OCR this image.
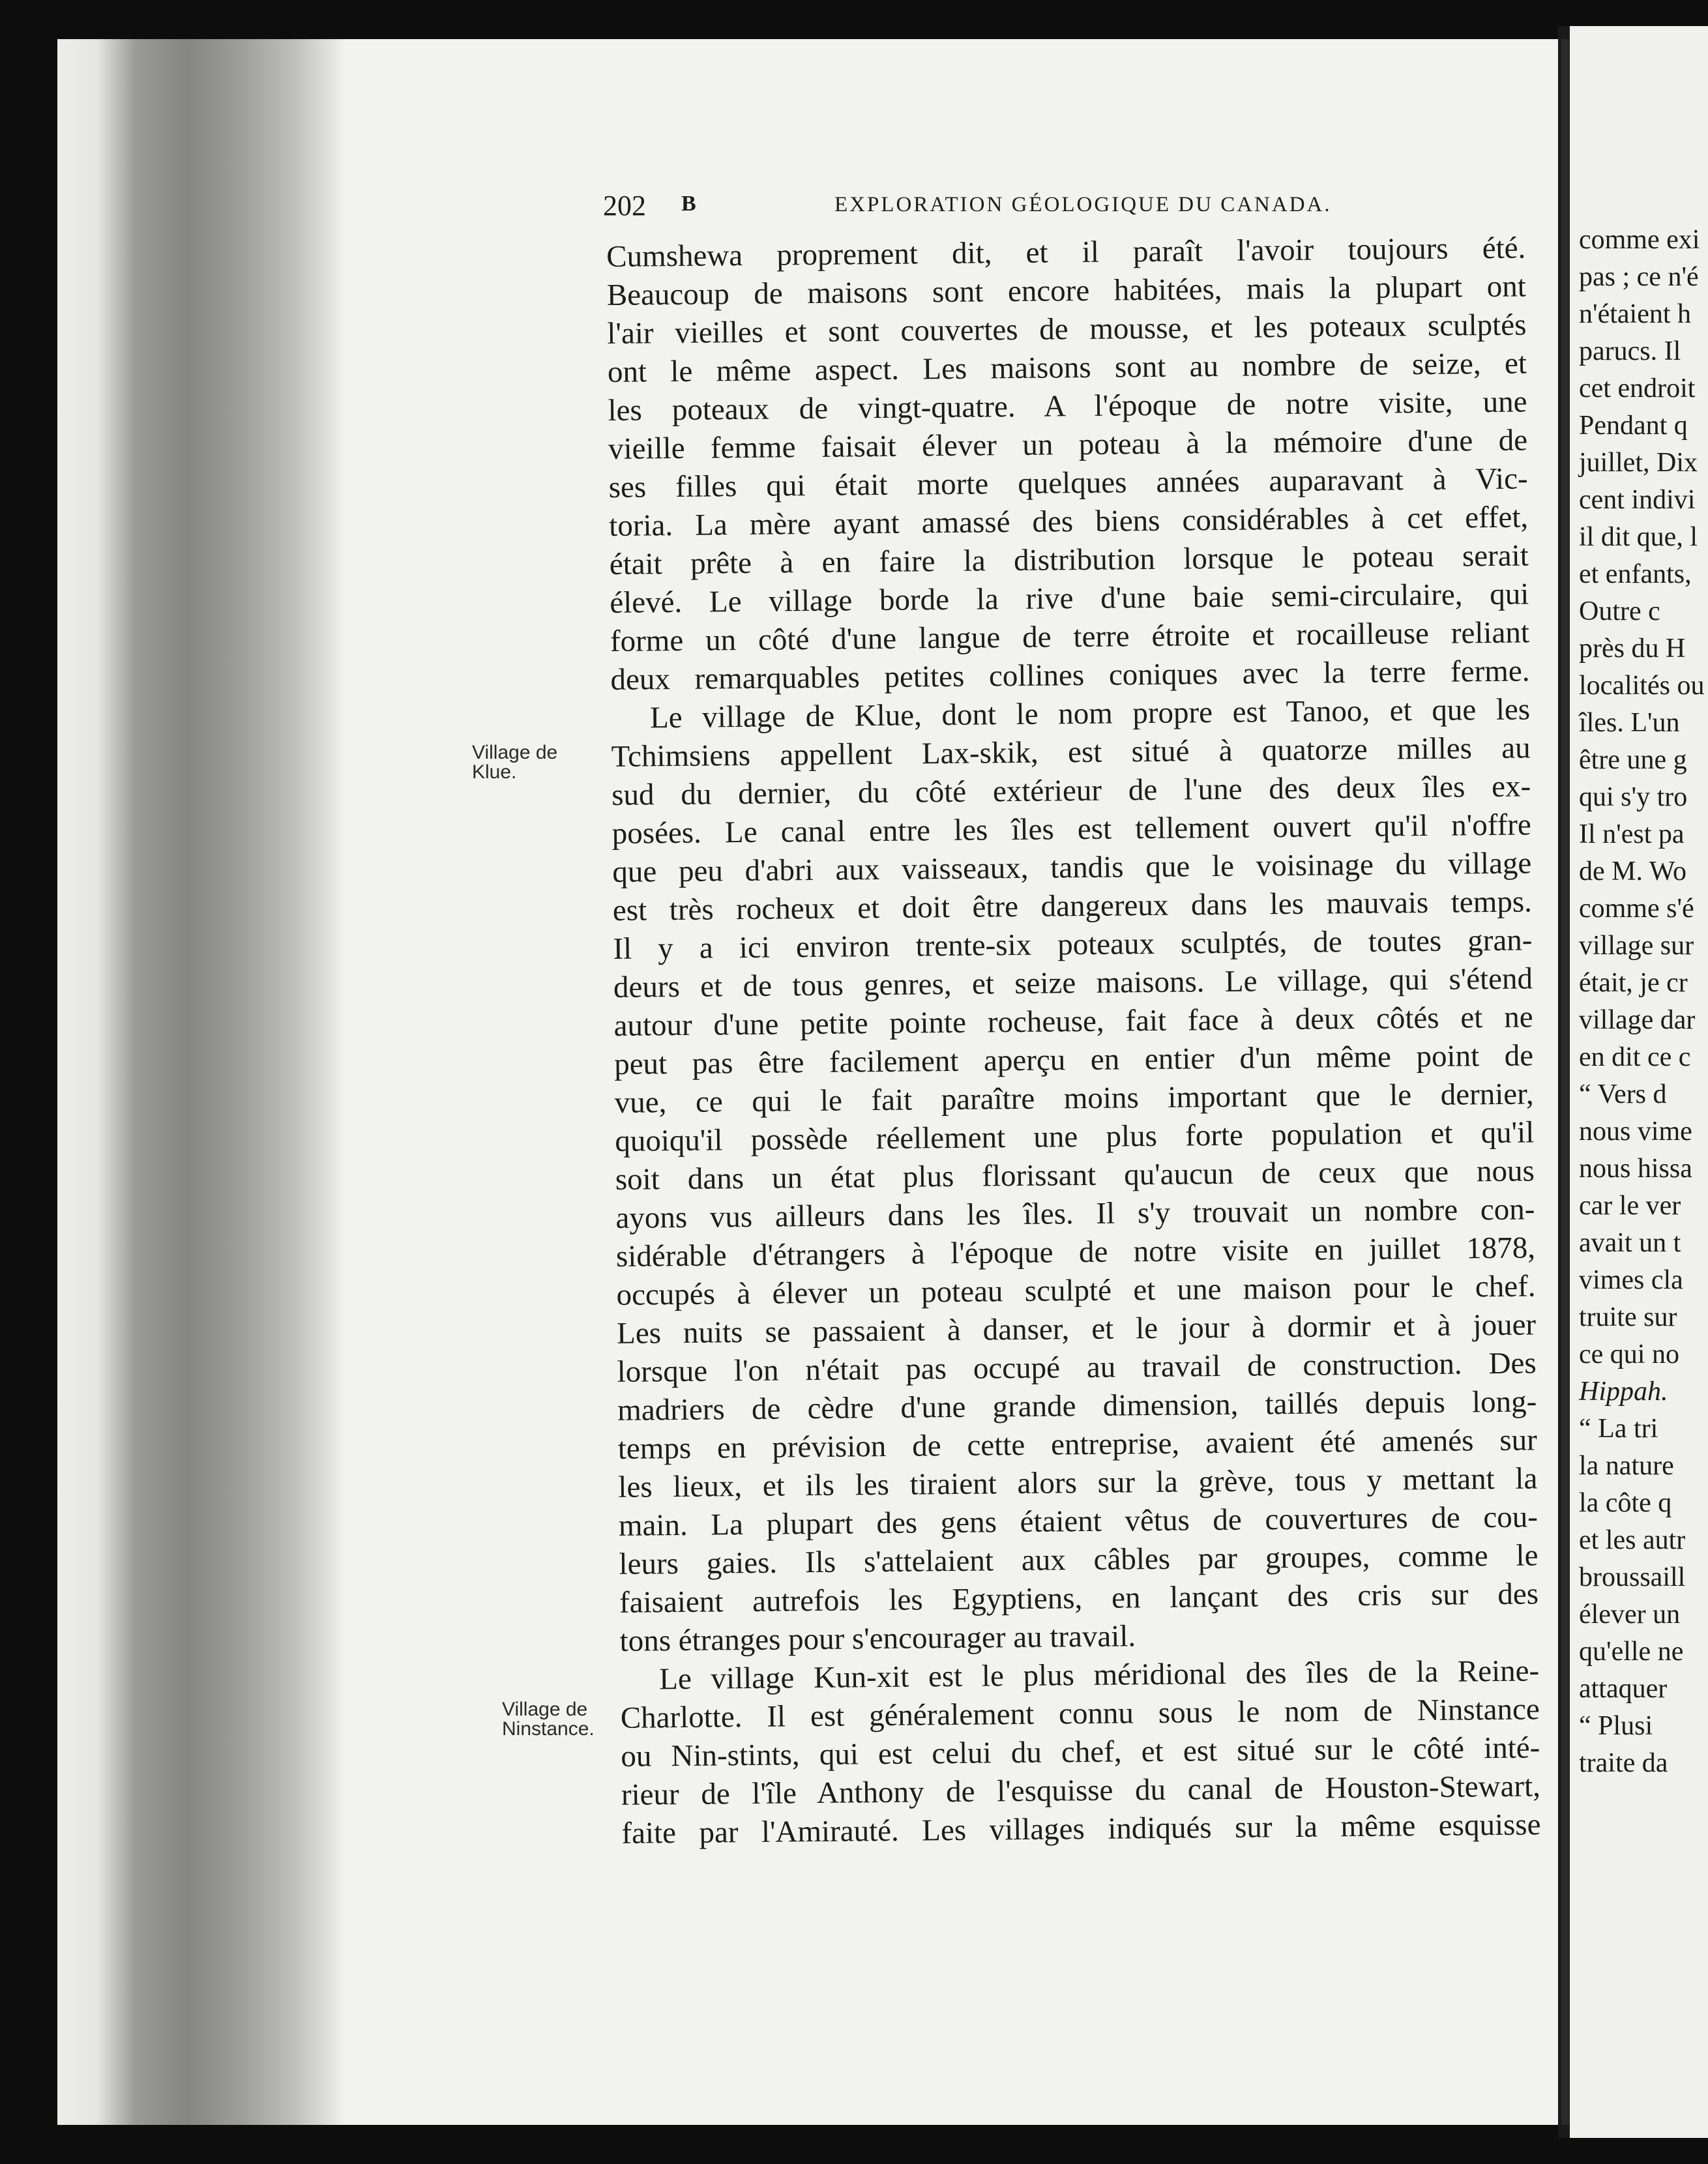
202 B	EXPLORATION GÉOLOGIQUE DU CANADA.
Village de
Klue.
Village de
Ninstance.
Cumshewa proprement dit, et il paraît l'avoir toujours été.
Beaucoup de maisons sont encore habitées, mais la plupart ont
l'air vieilles et sont couvertes de mousse, et les poteaux sculptés
ont le même aspect. Les maisons sont au nombre de seize, et
les poteaux de vingt-quatre. A l'époque de notre visite, une
vieille femme faisait élever un poteau à la mémoire d'une de
ses filles qui était morte quelques années auparavant à Vic-
toria. La mère ayant amassé des biens considérables à cet effet,
était prête à en faire la distribution lorsque le poteau serait
élevé. Le village borde la rive d'une baie semi-circulaire, qui
forme un côté d'une langue de terre étroite et rocailleuse reliant
deux remarquables petites collines coniques avec la terre ferme.
Le village de Klue, dont le nom propre est Tanoo, et que les
Tchimsiens appellent Lax-skik, est situé à quatorze milles au
sud du dernier, du côté extérieur de l'une des deux îles ex-
posées. Le canal entre les îles est tellement ouvert qu'il n'offre
que peu d'abri aux vaisseaux, tandis que le voisinage du village
est très rocheux et doit être dangereux dans les mauvais temps.
Il y a ici environ trente-six poteaux sculptés, de toutes gran-
deurs et de tous genres, et seize maisons. Le village, qui s'étend
autour d'une petite pointe rocheuse, fait face à deux côtés et ne
peut pas être facilement aperçu en entier d'un même point de
vue, ce qui le fait paraître moins important que le dernier,
quoiqu'il possède réellement une plus forte population et qu'il
soit dans un état plus florissant qu'aucun de ceux que nous
ayons vus ailleurs dans les îles. Il s'y trouvait un nombre con-
sidérable d'étrangers à l'époque de notre visite en juillet 1878,
occupés à élever un poteau sculpté et une maison pour le chef.
Les nuits se passaient à danser, et le jour à dormir et à jouer
lorsque l'on n'était pas occupé au travail de construction. Des
madriers de cèdre d'une grande dimension, taillés depuis long-
temps en prévision de cette entreprise, avaient été amenés sur
les lieux, et ils les tiraient alors sur la grève, tous y mettant la
main. La plupart des gens étaient vêtus de couvertures de cou-
leurs gaies. Ils s'attelaient aux câbles par groupes, comme le
faisaient autrefois les Egyptiens, en lançant des cris sur des
tons étranges pour s'encourager au travail.
Le village Kun-xit est le plus méridional des îles de la Reine-
Charlotte. Il est généralement connu sous le nom de Ninstance
ou Nin-stints, qui est celui du chef, et est situé sur le côté inté-
rieur de l'île Anthony de l'esquisse du canal de Houston-Stewart,
faite par l'Amirauté. Les villages indiqués sur la même esquisse
comme exi
pas ; ce n'é
n'étaient h
parucs. Il
cet endroit
Pendant q
juillet, Dix
cent indivi
il dit que, l
et enfants,
Outre c
près du H
localités ou
îles. L'un
être une g
qui s'y tro
Il n'est pa
de M. Wo
comme s'é
village sur
était, je cr
village dar
en dit ce c
“ Vers d
nous vime
nous hissa
car le ver
avait un t
vimes cla
truite sur
ce qui no
Hippah.
“ La tri
la nature
la côte q
et les autr
broussaill
élever un
qu'elle ne
attaquer
“ Plusi
traite da
